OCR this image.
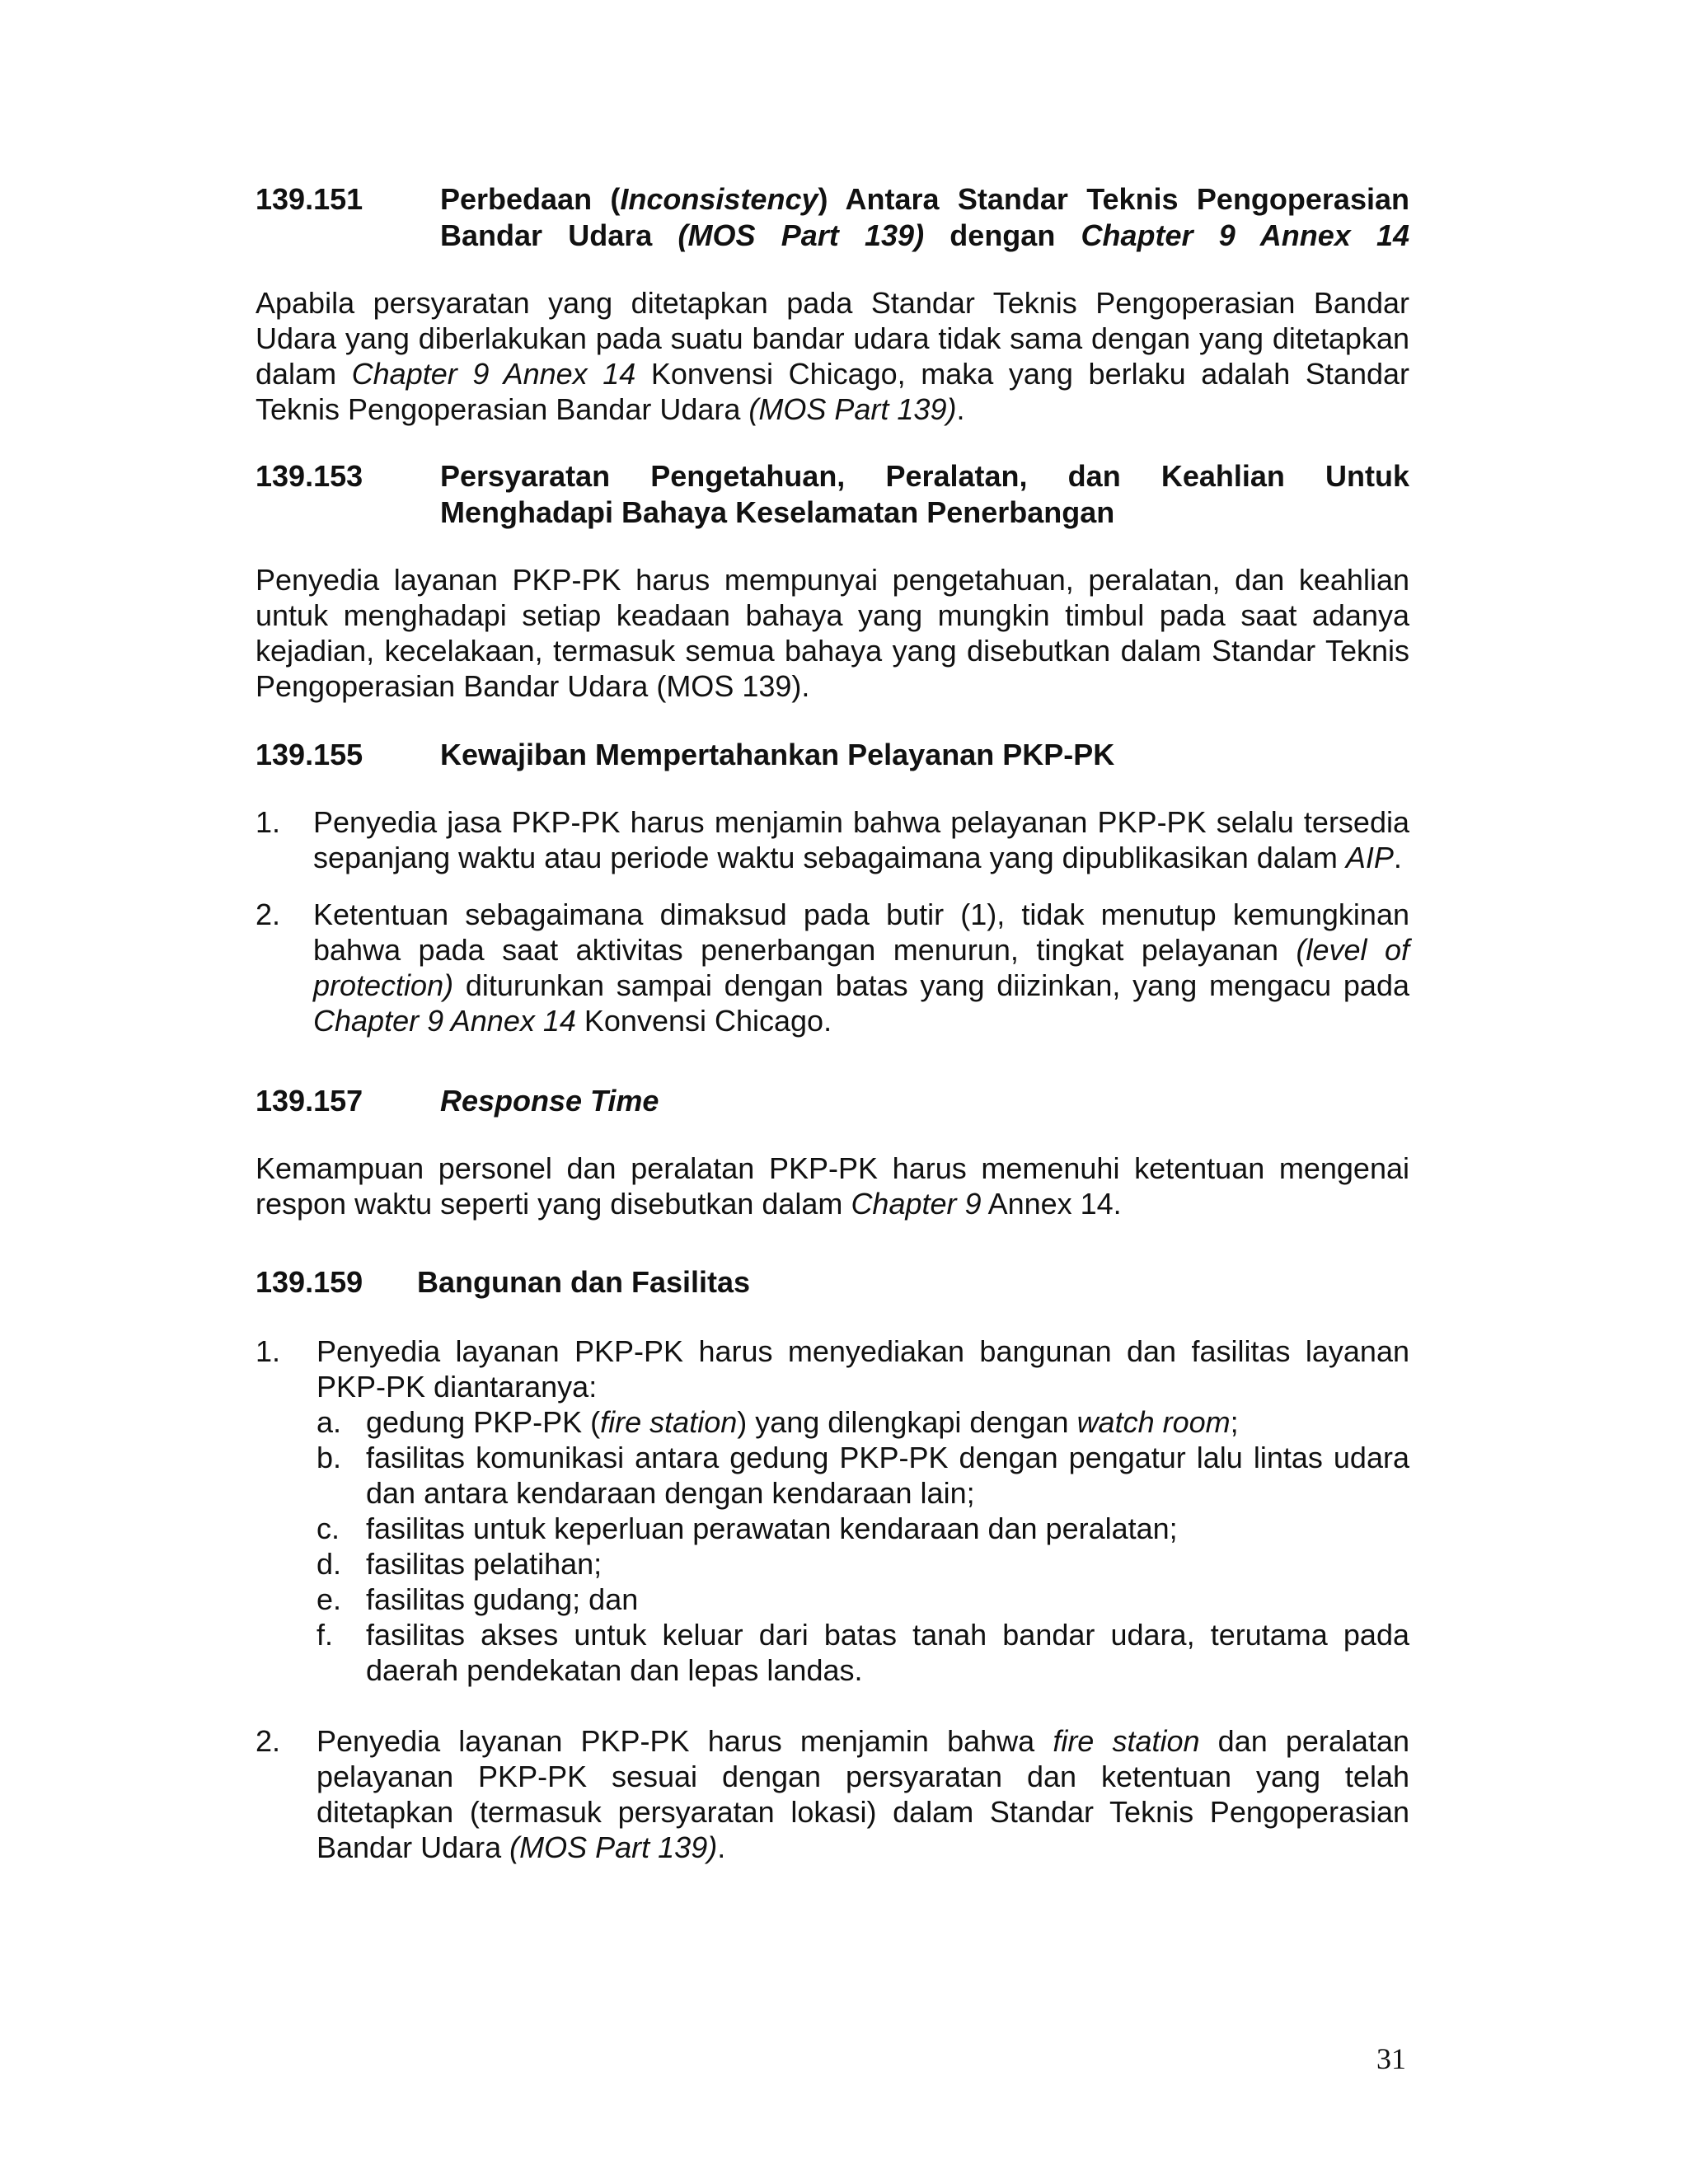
139.151	Perbedaan (Inconsistency) Antara Standar Teknis Pengoperasian Bandar Udara (MOS Part 139) dengan Chapter 9 Annex 14

Apabila persyaratan yang ditetapkan pada Standar Teknis Pengoperasian Bandar Udara yang diberlakukan pada suatu bandar udara tidak sama dengan yang ditetapkan dalam Chapter 9 Annex 14 Konvensi Chicago, maka yang berlaku adalah Standar Teknis Pengoperasian Bandar Udara (MOS Part 139).

139.153	Persyaratan Pengetahuan, Peralatan, dan Keahlian Untuk Menghadapi Bahaya Keselamatan Penerbangan

Penyedia layanan PKP-PK harus mempunyai pengetahuan, peralatan, dan keahlian untuk menghadapi setiap keadaan bahaya yang mungkin timbul pada saat adanya kejadian, kecelakaan, termasuk semua bahaya yang disebutkan dalam Standar Teknis Pengoperasian Bandar Udara (MOS 139).

139.155	Kewajiban Mempertahankan Pelayanan PKP-PK
1.	Penyedia jasa PKP-PK harus menjamin bahwa pelayanan PKP-PK selalu tersedia sepanjang waktu atau periode waktu sebagaimana yang dipublikasikan dalam AIP.
2.	Ketentuan sebagaimana dimaksud pada butir (1), tidak menutup kemungkinan bahwa pada saat aktivitas penerbangan menurun, tingkat pelayanan (level of protection) diturunkan sampai dengan batas yang diizinkan, yang mengacu pada Chapter 9 Annex 14 Konvensi Chicago.
139.157	Response Time

Kemampuan personel dan peralatan PKP-PK harus memenuhi ketentuan mengenai respon waktu seperti yang disebutkan dalam Chapter 9 Annex 14.

139.159	Bangunan dan Fasilitas
1.	Penyedia layanan PKP-PK harus menyediakan bangunan dan fasilitas layanan PKP-PK diantaranya:
a. gedung PKP-PK (fire station) yang dilengkapi dengan watch room;
b. fasilitas komunikasi antara gedung PKP-PK dengan pengatur lalu lintas udara dan antara kendaraan dengan kendaraan lain;
c. fasilitas untuk keperluan perawatan kendaraan dan peralatan;
d. fasilitas pelatihan;
e. fasilitas gudang; dan
f.	fasilitas akses untuk keluar dari batas tanah bandar udara, terutama pada daerah pendekatan dan lepas landas.
2.	Penyedia layanan PKP-PK harus menjamin bahwa fire station dan peralatan pelayanan PKP-PK sesuai dengan persyaratan dan ketentuan yang telah ditetapkan (termasuk persyaratan lokasi) dalam Standar Teknis Pengoperasian Bandar Udara (MOS Part 139).
31
